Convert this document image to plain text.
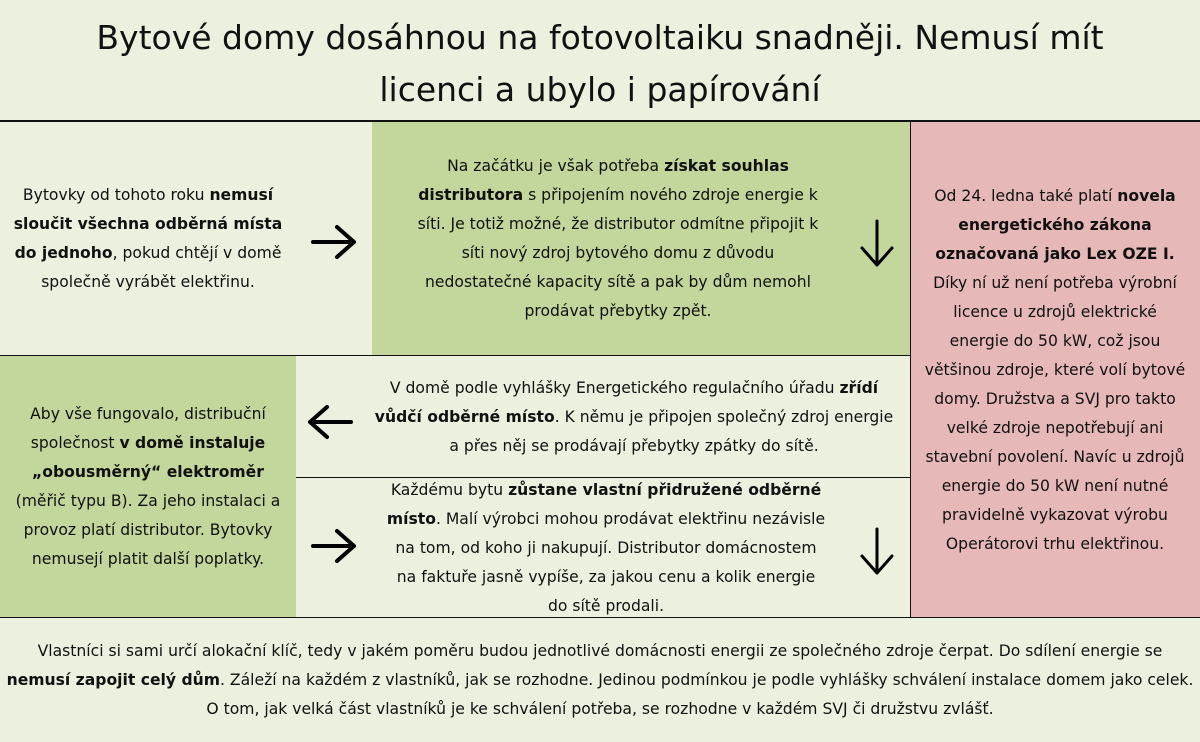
Bytové domy dosáhnou na fotovoltaiku snadněji. Nemusí mít licenci a ubylo i papírování
Bytovky od tohoto roku nemusí sloučit všechna odběrná místa do jednoho, pokud chtějí v domě společně vyrábět elektřinu.
Na začátku je však potřeba získat souhlas
distributora s připojením nového zdroje energie k síti. Je totiž možné, že distributor odmítne připojit k síti nový zdroj bytového domu z důvodu nedostatečné kapacity sítě a pak by dům nemohl prodávat přebytky zpět.
Od 24. ledna také platí novela energetického zákona označovaná jako Lex OZE I. Díky ní už není potřeba výrobní licence u zdrojů elektrické energie do 50 kW, což jsou většinou zdroje, které volí bytové domy. Družstva a SVJ pro takto velké zdroje nepotřebují ani stavební povolení. Navíc u zdrojů energie do 50 kW není nutné pravidelně vykazovat výrobu Operátorovi trhu elektřinou.
V domě podle vyhlášky Energetického regulačního úřadu zřídí vůdčí odběrné místo. K němu je připojen společný zdroj energie a přes něj se prodávají přebytky zpátky do sítě.
Aby vše fungovalo, distribuční společnost v domě instaluje „obousměrný“ elektroměr (měřič typu B). Za jeho instalaci a provoz platí distributor. Bytovky nemusejí platit další poplatky.
Každému bytu zůstane vlastní přidružené odběrné místo. Malí výrobci mohou prodávat elektřinu nezávisle na tom, od koho ji nakupují. Distributor domácnostem na faktuře jasně vypíše, za jakou cenu a kolik energie do sítě prodali.
Vlastníci si sami určí alokační klíč, tedy v jakém poměru budou jednotlivé domácnosti energii ze společného zdroje čerpat. Do sdílení energie se nemusí zapojit celý dům. Záleží na každém z vlastníků, jak se rozhodne. Jedinou podmínkou je podle vyhlášky schválení instalace domem jako celek. O tom, jak velká část vlastníků je ke schválení potřeba, se rozhodne v každém SVJ či družstvu zvlášť.
